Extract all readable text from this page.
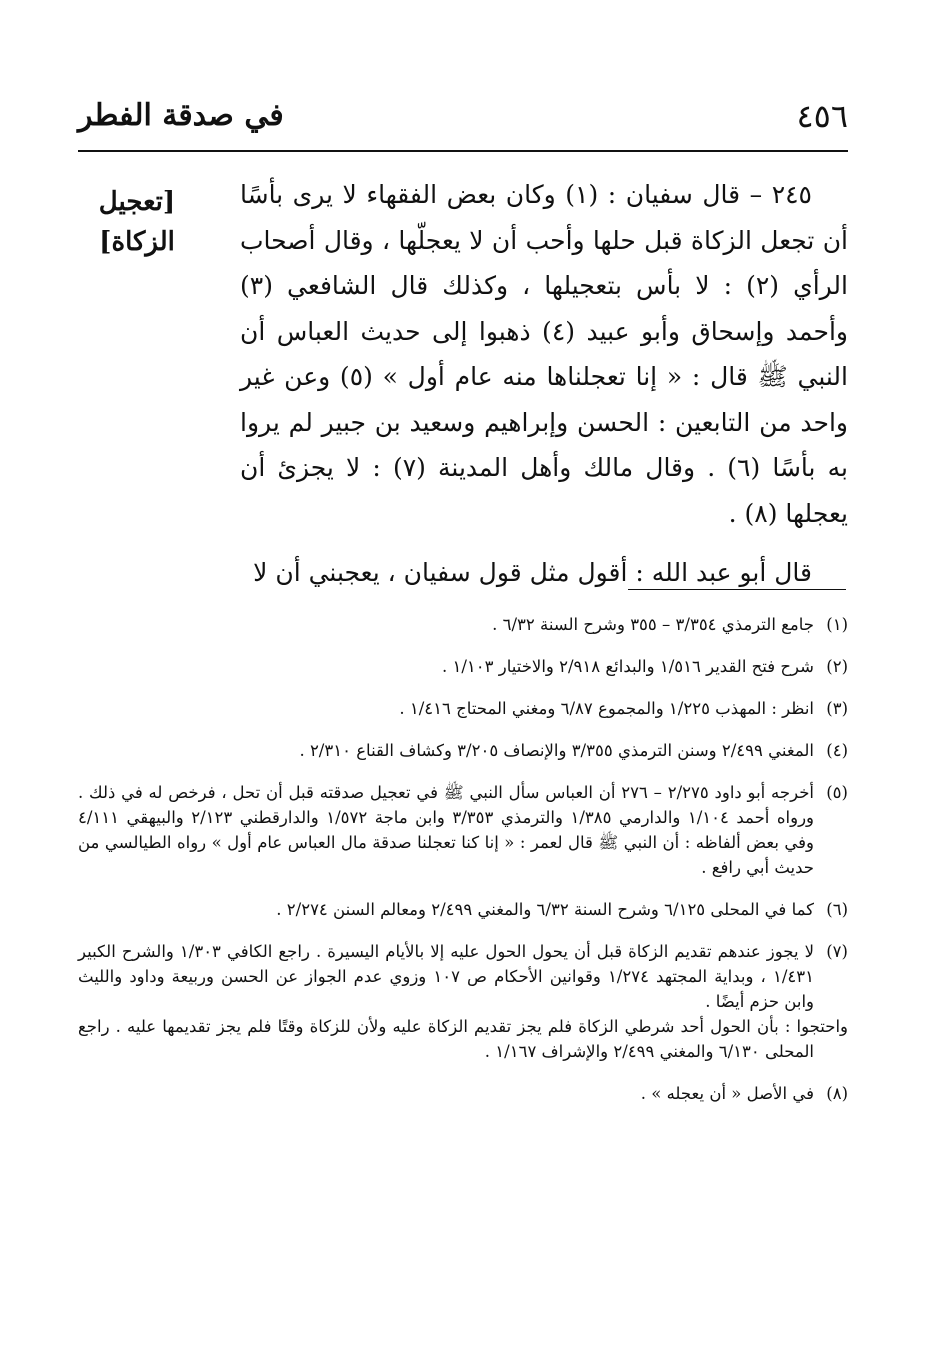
٤٥٦
في صدقة الفطر
[تعجيل
الزكاة]

٢٤٥ – قال سفيان : (١) وكان بعض الفقهاء لا يرى بأسًا أن تجعل الزكاة قبل حلها وأحب أن لا يعجلّها ، وقال أصحاب الرأي (٢) : لا بأس بتعجيلها ، وكذلك قال الشافعي (٣) وأحمد وإسحاق وأبو عبيد (٤) ذهبوا إلى حديث العباس أن النبي ﷺ قال : « إنا تعجلناها منه عام أول » (٥) وعن غير واحد من التابعين : الحسن وإبراهيم وسعيد بن جبير لم يروا به بأسًا (٦) . وقال مالك وأهل المدينة (٧) : لا يجزئ أن يعجلها (٨) .

قال أبو عبد الله : أقول مثل قول سفيان ، يعجبني أن لا

(١)جامع الترمذي ٣/٣٥٤ – ٣٥٥ وشرح السنة ٦/٣٢ .
(٢)شرح فتح القدير ١/٥١٦ والبدائع ٢/٩١٨ والاختيار ١/١٠٣ .
(٣)انظر : المهذب ١/٢٢٥ والمجموع ٦/٨٧ ومغني المحتاج ١/٤١٦ .
(٤)المغني ٢/٤٩٩ وسنن الترمذي ٣/٣٥٥ والإنصاف ٣/٢٠٥ وكشاف القناع ٢/٣١٠ .
(٥)أخرجه أبو داود ٢/٢٧٥ – ٢٧٦ أن العباس سأل النبي ﷺ في تعجيل صدقته قبل أن تحل ، فرخص له في ذلك . ورواه أحمد ١/١٠٤ والدارمي ١/٣٨٥ والترمذي ٣/٣٥٣ وابن ماجة ١/٥٧٢ والدارقطني ٢/١٢٣ والبيهقي ٤/١١١ وفي بعض ألفاظه : أن النبي ﷺ قال لعمر : « إنا كنا تعجلنا صدقة مال العباس عام أول » رواه الطيالسي من حديث أبي رافع .
(٦)كما في المحلى ٦/١٢٥ وشرح السنة ٦/٣٢ والمغني ٢/٤٩٩ ومعالم السنن ٢/٢٧٤ .
(٧)لا يجوز عندهم تقديم الزكاة قبل أن يحول الحول عليه إلا بالأيام اليسيرة . راجع الكافي ١/٣٠٣ والشرح الكبير ١/٤٣١ ، وبداية المجتهد ١/٢٧٤ وقوانين الأحكام ص ١٠٧ وزوي عدم الجواز عن الحسن وربيعة وداود والليث وابن حزم أيضًا .
واحتجوا : بأن الحول أحد شرطي الزكاة فلم يجز تقديم الزكاة عليه ولأن للزكاة وقتًا فلم يجز تقديمها عليه . راجع المحلى ٦/١٣٠ والمغني ٢/٤٩٩ والإشراف ١/١٦٧ .
(٨)في الأصل « أن يعجله » .
